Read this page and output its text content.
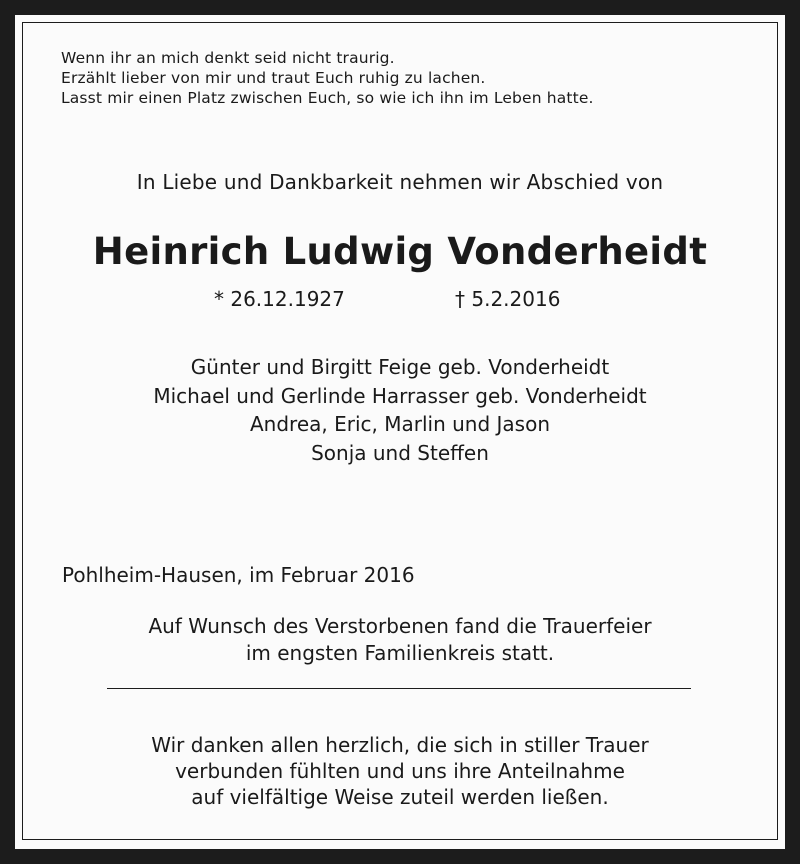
Wenn ihr an mich denkt seid nicht traurig.
Erzählt lieber von mir und traut Euch ruhig zu lachen.
Lasst mir einen Platz zwischen Euch, so wie ich ihn im Leben hatte.
In Liebe und Dankbarkeit nehmen wir Abschied von
Heinrich Ludwig Vonderheidt
* 26.12.1927	† 5.2.2016
Günter und Birgitt Feige geb. Vonderheidt
Michael und Gerlinde Harrasser geb. Vonderheidt
Andrea, Eric, Marlin und Jason
Sonja und Steffen
Pohlheim-Hausen, im Februar 2016
Auf Wunsch des Verstorbenen fand die Trauerfeier
im engsten Familienkreis statt.
Wir danken allen herzlich, die sich in stiller Trauer
verbunden fühlten und uns ihre Anteilnahme
auf vielfältige Weise zuteil werden ließen.
